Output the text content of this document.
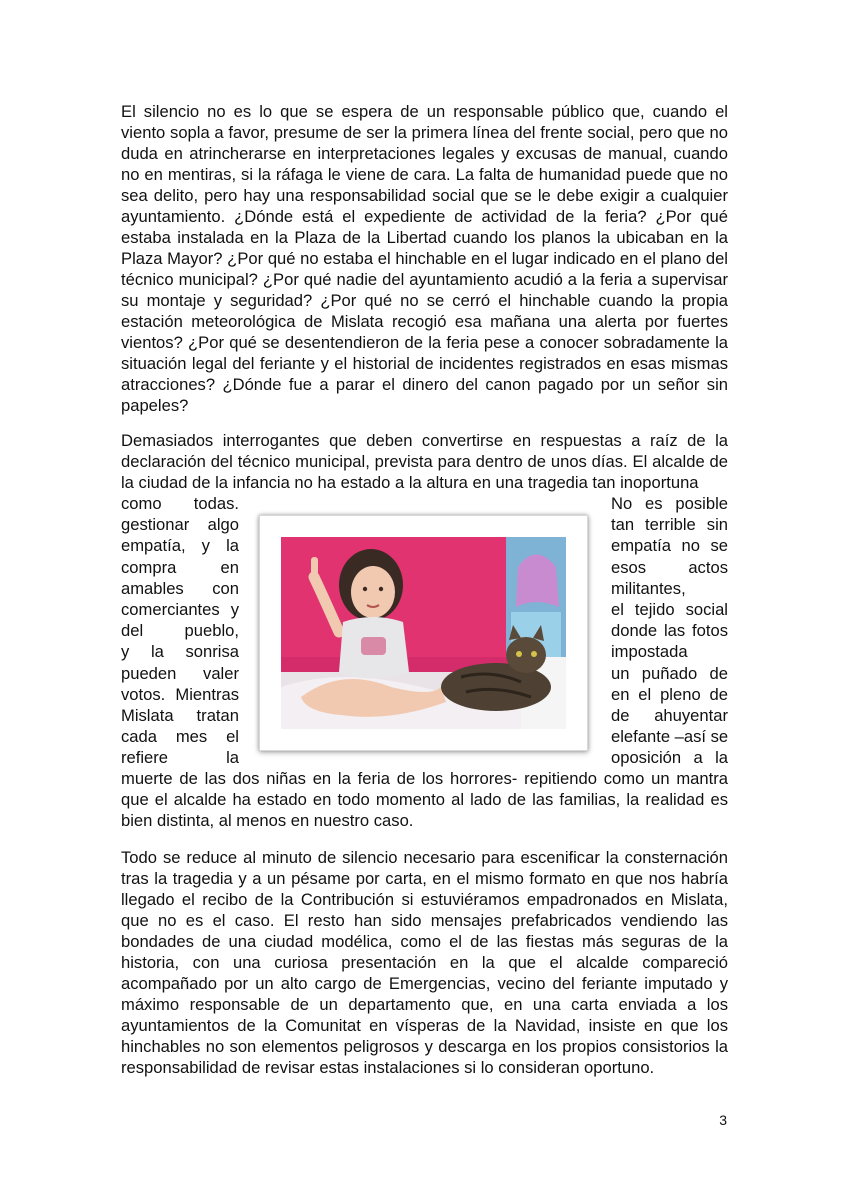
El silencio no es lo que se espera de un responsable público que, cuando el viento sopla a favor, presume de ser la primera línea del frente social, pero que no duda en atrincherarse en interpretaciones legales y excusas de manual, cuando no en mentiras, si la ráfaga le viene de cara. La falta de humanidad puede que no sea delito, pero hay una responsabilidad social que se le debe exigir a cualquier ayuntamiento. ¿Dónde está el expediente de actividad de la feria? ¿Por qué estaba instalada en la Plaza de la Libertad cuando los planos la ubicaban en la Plaza Mayor? ¿Por qué no estaba el hinchable en el lugar indicado en el plano del técnico municipal? ¿Por qué nadie del ayuntamiento acudió a la feria a supervisar su montaje y seguridad? ¿Por qué no se cerró el hinchable cuando la propia estación meteorológica de Mislata recogió esa mañana una alerta por fuertes vientos? ¿Por qué se desentendieron de la feria pese a conocer sobradamente la situación legal del feriante y el historial de incidentes registrados en esas mismas atracciones? ¿Dónde fue a parar el dinero del canon pagado por un señor sin papeles?

Demasiados interrogantes que deben convertirse en respuestas a raíz de la declaración del técnico municipal, prevista para dentro de unos días. El alcalde de la ciudad de la infancia no ha estado a la altura en una tragedia tan inoportuna

como todas.	No es posible
gestionar algo	tan terrible sin
empatía, y la	empatía no se
compra en	esos actos
amables con	militantes,
comerciantes y	el tejido social
del pueblo,	donde las fotos
y la sonrisa	impostada
pueden valer	un puñado de
votos. Mientras	en el pleno de
Mislata tratan	de ahuyentar
cada mes el	elefante –así se
refiere la	oposición a la

muerte de las dos niñas en la feria de los horrores- repitiendo como un mantra que el alcalde ha estado en todo momento al lado de las familias, la realidad es bien distinta, al menos en nuestro caso.

Todo se reduce al minuto de silencio necesario para escenificar la consternación tras la tragedia y a un pésame por carta, en el mismo formato en que nos habría llegado el recibo de la Contribución si estuviéramos empadronados en Mislata, que no es el caso. El resto han sido mensajes prefabricados vendiendo las bondades de una ciudad modélica, como el de las fiestas más seguras de la historia, con una curiosa presentación en la que el alcalde compareció acompañado por un alto cargo de Emergencias, vecino del feriante imputado y máximo responsable de un departamento que, en una carta enviada a los ayuntamientos de la Comunitat en vísperas de la Navidad, insiste en que los hinchables no son elementos peligrosos y descarga en los propios consistorios la responsabilidad de revisar estas instalaciones si lo consideran oportuno.

3
